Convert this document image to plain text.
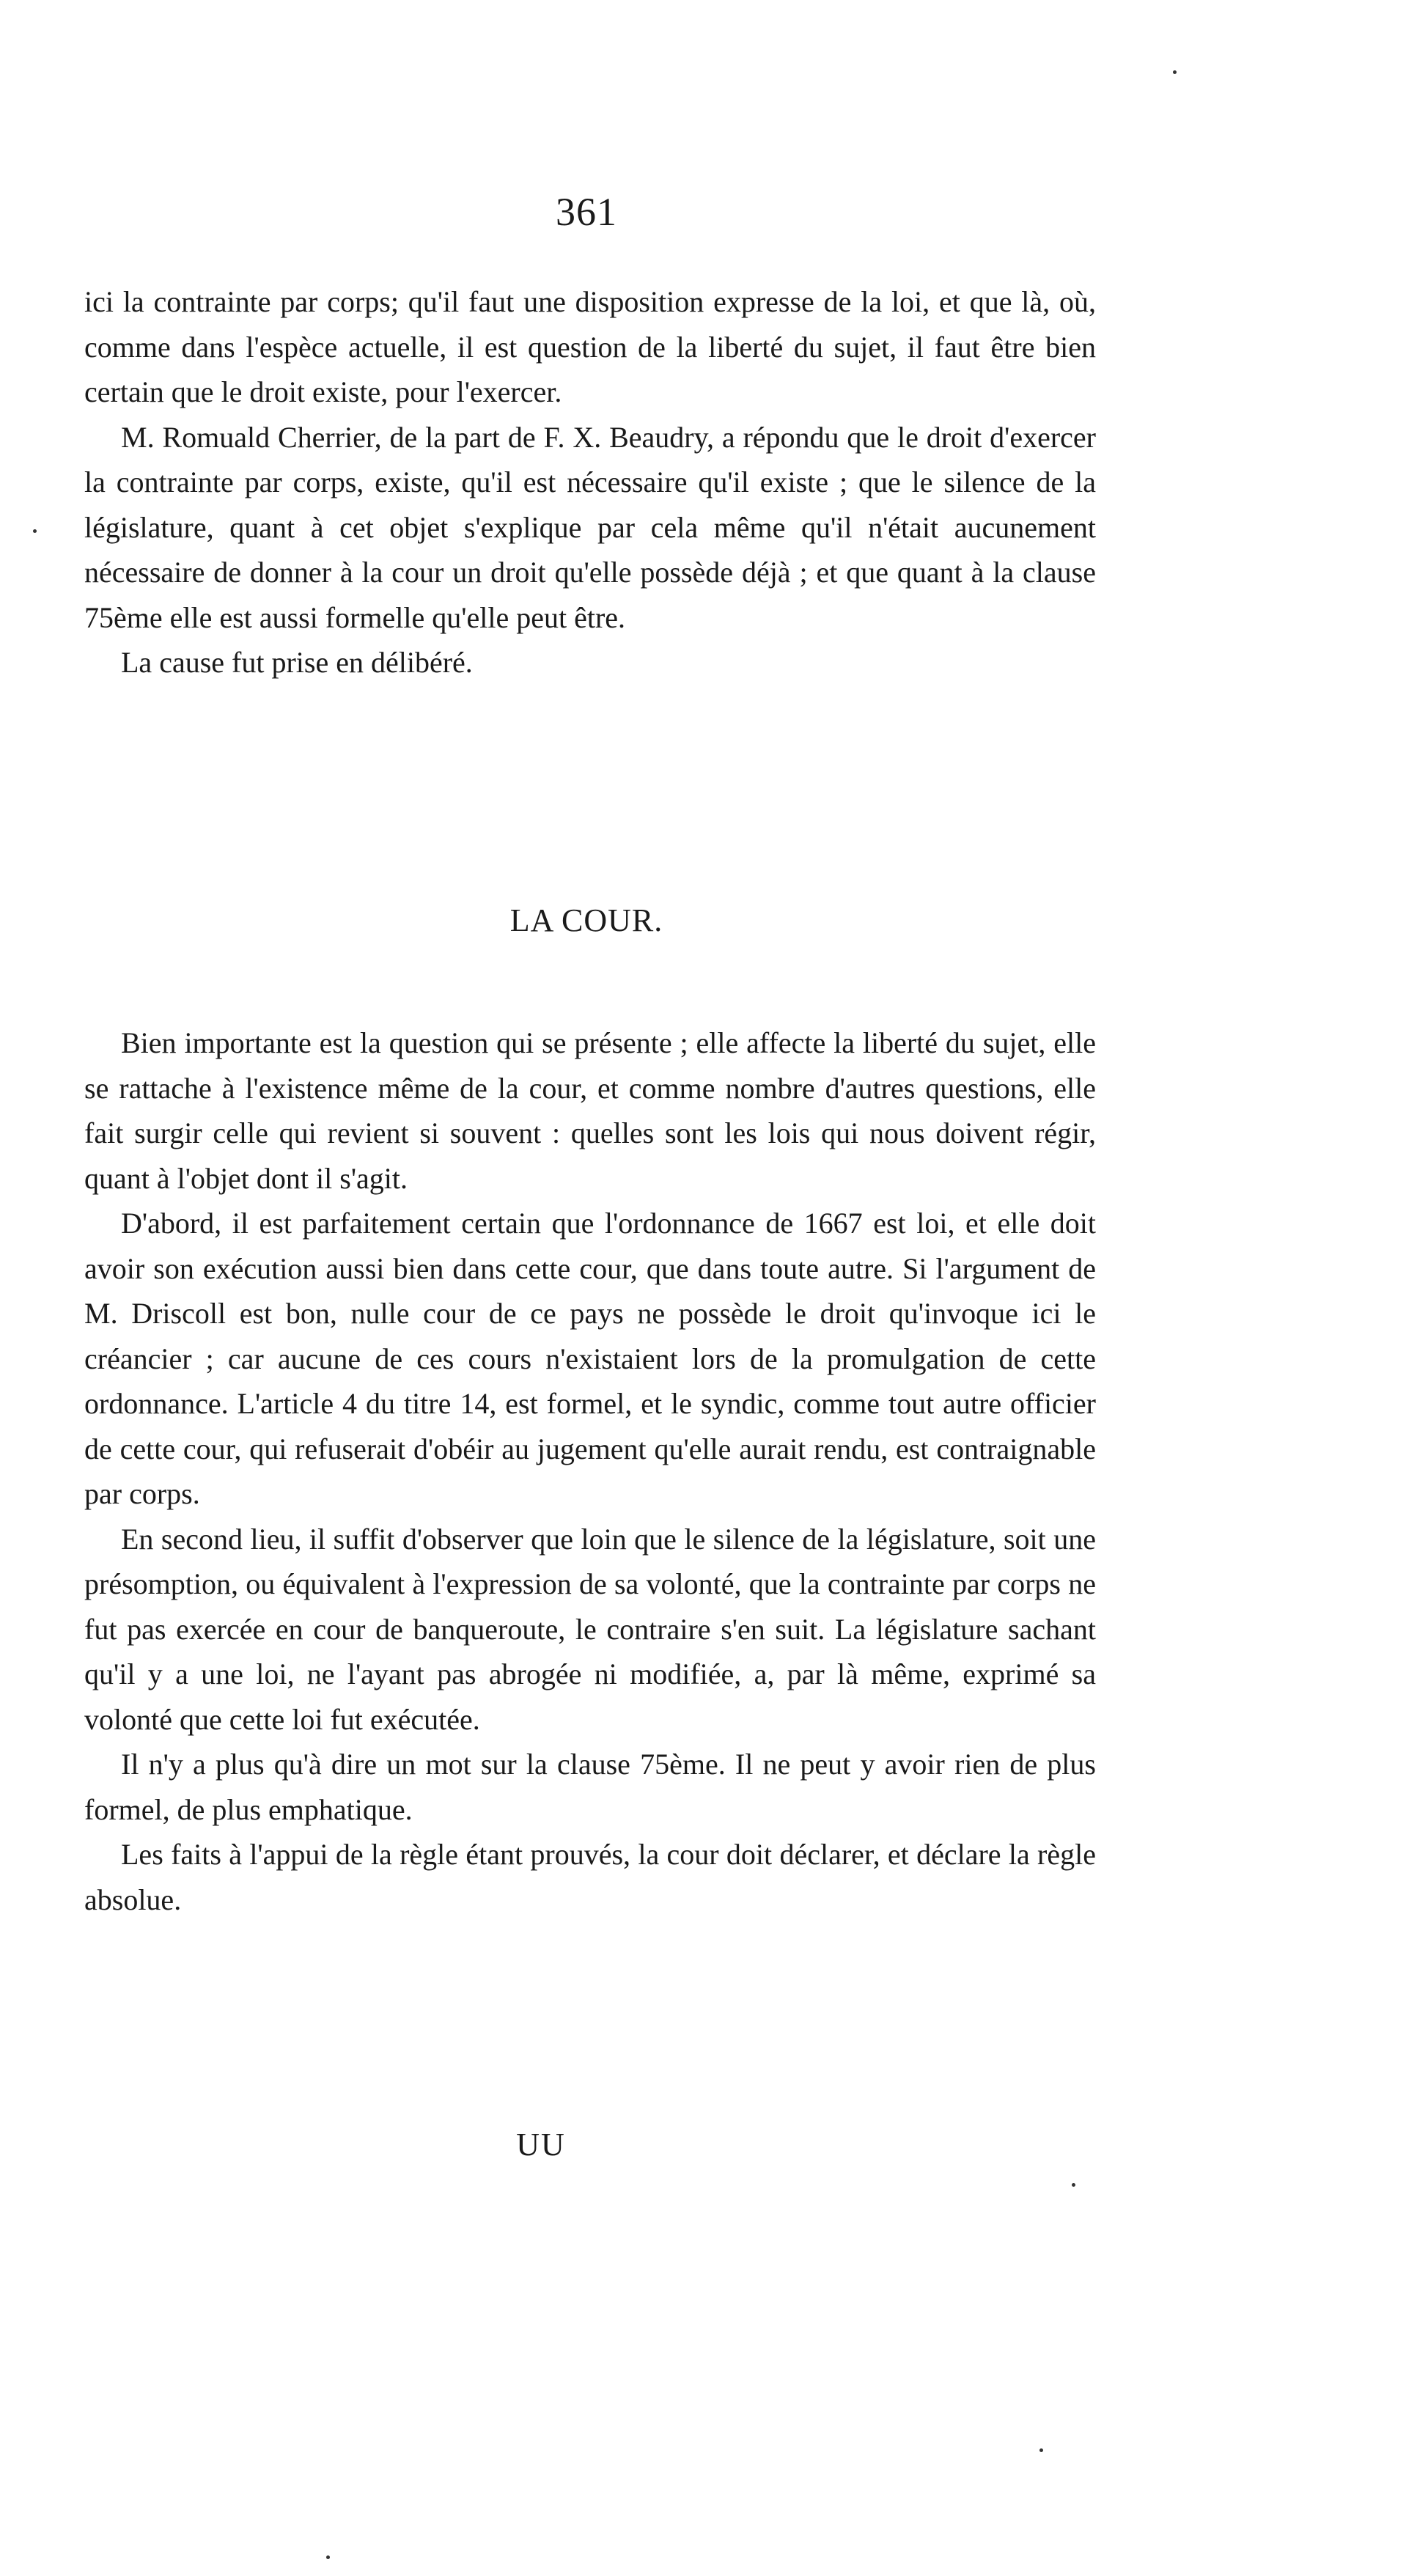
361

ici la contrainte par corps; qu'il faut une disposition expresse de la loi, et que là, où, comme dans l'espèce actuelle, il est question de la liberté du sujet, il faut être bien certain que le droit existe, pour l'exercer.

M. Romuald Cherrier, de la part de F. X. Beaudry, a répondu que le droit d'exercer la contrainte par corps, existe, qu'il est nécessaire qu'il existe ; que le silence de la législature, quant à cet objet s'explique par cela même qu'il n'était aucunement nécessaire de donner à la cour un droit qu'elle possède déjà ; et que quant à la clause 75ème elle est aussi formelle qu'elle peut être.

La cause fut prise en délibéré.

LA COUR.

Bien importante est la question qui se présente ; elle affecte la liberté du sujet, elle se rattache à l'existence même de la cour, et comme nombre d'autres questions, elle fait surgir celle qui revient si souvent : quelles sont les lois qui nous doivent régir, quant à l'objet dont il s'agit.

D'abord, il est parfaitement certain que l'ordonnance de 1667 est loi, et elle doit avoir son exécution aussi bien dans cette cour, que dans toute autre. Si l'argument de M. Driscoll est bon, nulle cour de ce pays ne possède le droit qu'invoque ici le créancier ; car aucune de ces cours n'existaient lors de la promulgation de cette ordonnance. L'article 4 du titre 14, est formel, et le syndic, comme tout autre officier de cette cour, qui refuserait d'obéir au jugement qu'elle aurait rendu, est contraignable par corps.

En second lieu, il suffit d'observer que loin que le silence de la législature, soit une présomption, ou équivalent à l'expression de sa volonté, que la contrainte par corps ne fut pas exercée en cour de banqueroute, le contraire s'en suit. La législature sachant qu'il y a une loi, ne l'ayant pas abrogée ni modifiée, a, par là même, exprimé sa volonté que cette loi fut exécutée.

Il n'y a plus qu'à dire un mot sur la clause 75ème. Il ne peut y avoir rien de plus formel, de plus emphatique.

Les faits à l'appui de la règle étant prouvés, la cour doit déclarer, et déclare la règle absolue.

UU
